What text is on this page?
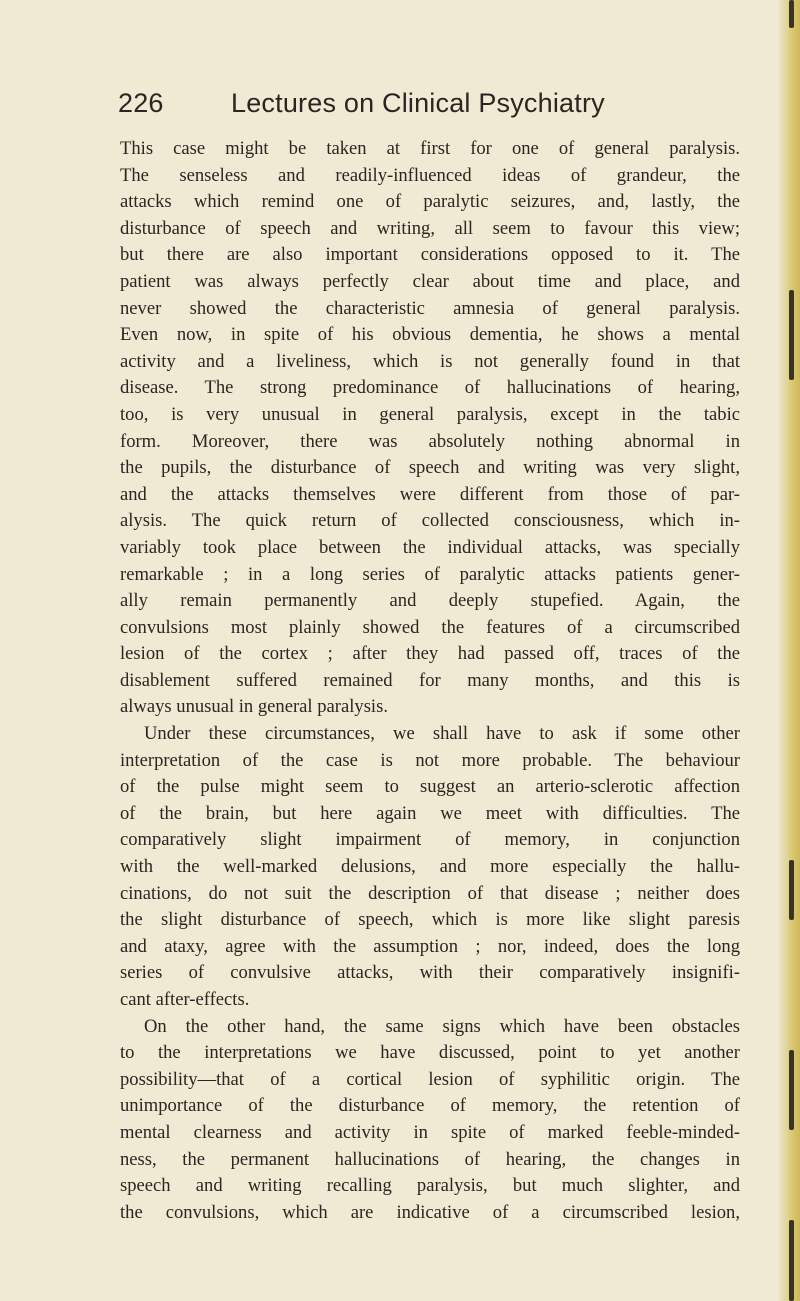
226 Lectures on Clinical Psychiatry
This case might be taken at first for one of general paralysis.
The senseless and readily-influenced ideas of grandeur, the
attacks which remind one of paralytic seizures, and, lastly, the
disturbance of speech and writing, all seem to favour this view;
but there are also important considerations opposed to it. The
patient was always perfectly clear about time and place, and
never showed the characteristic amnesia of general paralysis.
Even now, in spite of his obvious dementia, he shows a mental
activity and a liveliness, which is not generally found in that
disease. The strong predominance of hallucinations of hearing,
too, is very unusual in general paralysis, except in the tabic
form. Moreover, there was absolutely nothing abnormal in
the pupils, the disturbance of speech and writing was very slight,
and the attacks themselves were different from those of par-
alysis. The quick return of collected consciousness, which in-
variably took place between the individual attacks, was specially
remarkable ; in a long series of paralytic attacks patients gener-
ally remain permanently and deeply stupefied. Again, the
convulsions most plainly showed the features of a circumscribed
lesion of the cortex ; after they had passed off, traces of the
disablement suffered remained for many months, and this is
always unusual in general paralysis.
Under these circumstances, we shall have to ask if some other
interpretation of the case is not more probable. The behaviour
of the pulse might seem to suggest an arterio-sclerotic affection
of the brain, but here again we meet with difficulties. The
comparatively slight impairment of memory, in conjunction
with the well-marked delusions, and more especially the hallu-
cinations, do not suit the description of that disease ; neither does
the slight disturbance of speech, which is more like slight paresis
and ataxy, agree with the assumption ; nor, indeed, does the long
series of convulsive attacks, with their comparatively insignifi-
cant after-effects.
On the other hand, the same signs which have been obstacles
to the interpretations we have discussed, point to yet another
possibility—that of a cortical lesion of syphilitic origin. The
unimportance of the disturbance of memory, the retention of
mental clearness and activity in spite of marked feeble-minded-
ness, the permanent hallucinations of hearing, the changes in
speech and writing recalling paralysis, but much slighter, and
the convulsions, which are indicative of a circumscribed lesion,
